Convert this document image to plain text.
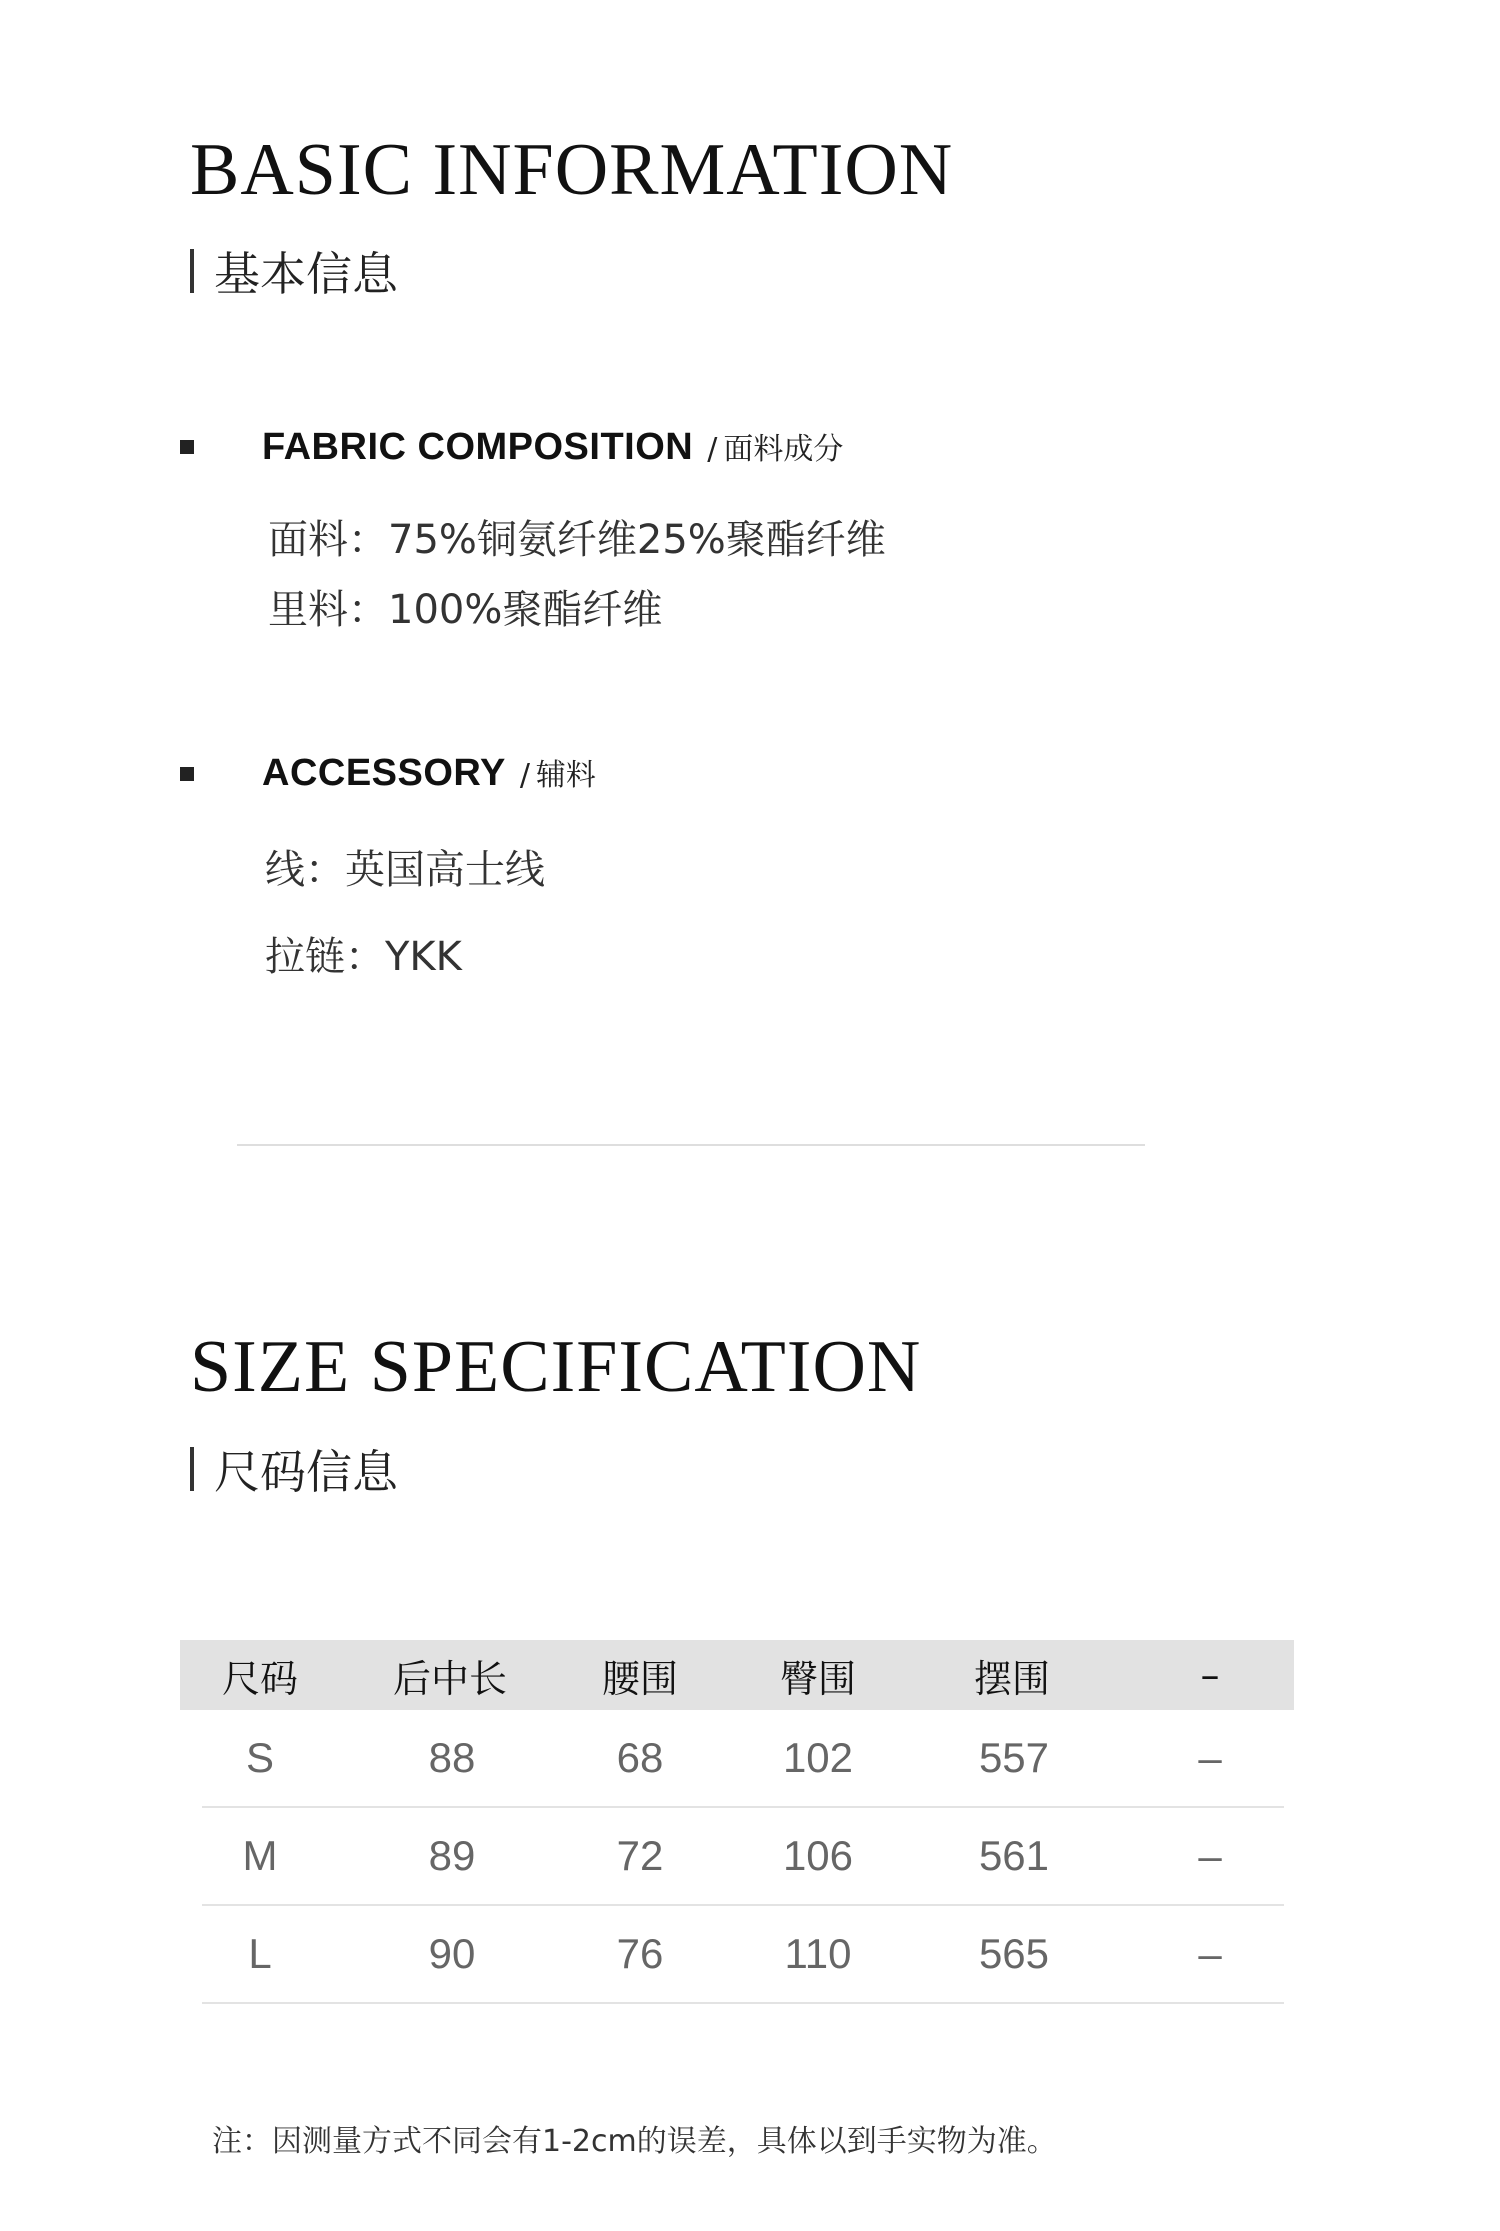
BASIC INFORMATION
基本信息
FABRIC COMPOSITION / 面料成分
面料：75%铜氨纤维25%聚酯纤维
里料：100%聚酯纤维
ACCESSORY / 辅料
线：英国高士线
拉链：YKK
SIZE SPECIFICATION
尺码信息
尺码	后中长	腰围	臀围	摆围	–
S	88	68	102	557	–
M	89	72	106	561	–
L	90	76	110	565	–
注：因测量方式不同会有1-2cm的误差，具体以到手实物为准。
